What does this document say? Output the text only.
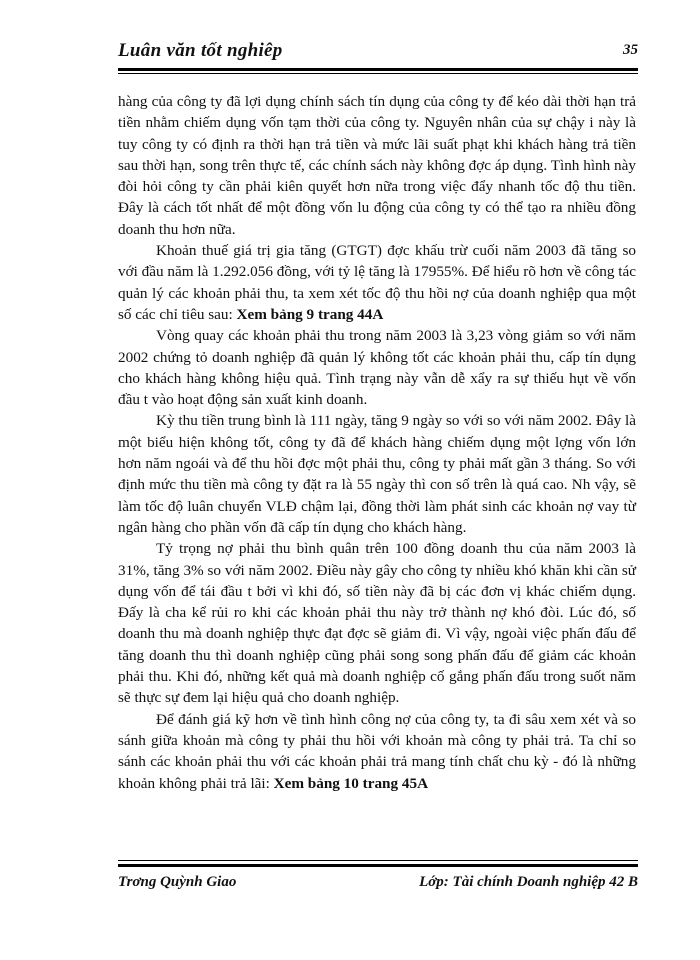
Luân văn tốt nghiêp	35

hàng của công ty đã lợi dụng chính sách tín dụng của công ty để kéo dài thời hạn trả tiền nhằm chiếm dụng vốn tạm thời của công ty. Nguyên nhân của sự chậy i này là tuy công ty có định ra thời hạn trả tiền và mức lãi suất phạt khi khách hàng trả tiền sau thời hạn, song trên thực tế, các chính sách này không đợc áp dụng. Tình hình này đòi hỏi công ty cần phải kiên quyết hơn nữa trong việc đẩy nhanh tốc độ thu tiền. Đây là cách tốt nhất để một đồng vốn lu động của công ty có thể tạo ra nhiều đồng doanh thu hơn nữa.

Khoản thuế giá trị gia tăng (GTGT) đợc khấu trừ cuối năm 2003 đã tăng so với đầu năm là 1.292.056 đồng, với tỷ lệ tăng là 17955%. Để hiểu rõ hơn về công tác quản lý các khoản phải thu, ta xem xét tốc độ thu hồi nợ của doanh nghiệp qua một số các chỉ tiêu sau: Xem bảng 9 trang 44A

Vòng quay các khoản phải thu trong năm 2003 là 3,23 vòng giảm so với năm 2002 chứng tỏ doanh nghiệp đã quản lý không tốt các khoản phải thu, cấp tín dụng cho khách hàng không hiệu quả. Tình trạng này vẫn dễ xẩy ra sự thiếu hụt về vốn đầu t vào hoạt động sản xuất kinh doanh.

Kỳ thu tiền trung bình là 111 ngày, tăng 9 ngày so với so với năm 2002. Đây là một biểu hiện không tốt, công ty đã để khách hàng chiếm dụng một lợng vốn lớn hơn năm ngoái và để thu hồi đợc một phải thu, công ty phải mất gần 3 tháng. So với định mức thu tiền mà công ty đặt ra là 55 ngày thì con số trên là quá cao. Nh vậy, sẽ làm tốc độ luân chuyển VLĐ chậm lại, đồng thời làm phát sinh các khoản nợ vay từ ngân hàng cho phần vốn đã cấp tín dụng cho khách hàng.

Tỷ trọng nợ phải thu bình quân trên 100 đồng doanh thu của năm 2003 là 31%, tăng 3% so với năm 2002. Điều này gây cho công ty nhiều khó khăn khi cần sử dụng vốn để tái đầu t bởi vì khi đó, số tiền này đã bị các đơn vị khác chiếm dụng. Đấy là cha kể rủi ro khi các khoản phải thu này trở thành nợ khó đòi. Lúc đó, số doanh thu mà doanh nghiệp thực đạt đợc sẽ giảm đi. Vì vậy, ngoài việc phấn đấu để tăng doanh thu thì doanh nghiệp cũng phải song song phấn đấu để giảm các khoản phải thu. Khi đó, những kết quả mà doanh nghiệp cố gắng phấn đấu trong suốt năm sẽ thực sự đem lại hiệu quả cho doanh nghiệp.

Để đánh giá kỹ hơn về tình hình công nợ của công ty, ta đi sâu xem xét và so sánh giữa khoản mà công ty phải thu hồi với khoản mà công ty phải trả. Ta chỉ so sánh các khoản phải thu với các khoản phải trả mang tính chất chu kỳ - đó là những khoản không phải trả lãi: Xem bảng 10 trang 45A

Trơng Quỳnh Giao	Lớp: Tài chính Doanh nghiệp 42 B
